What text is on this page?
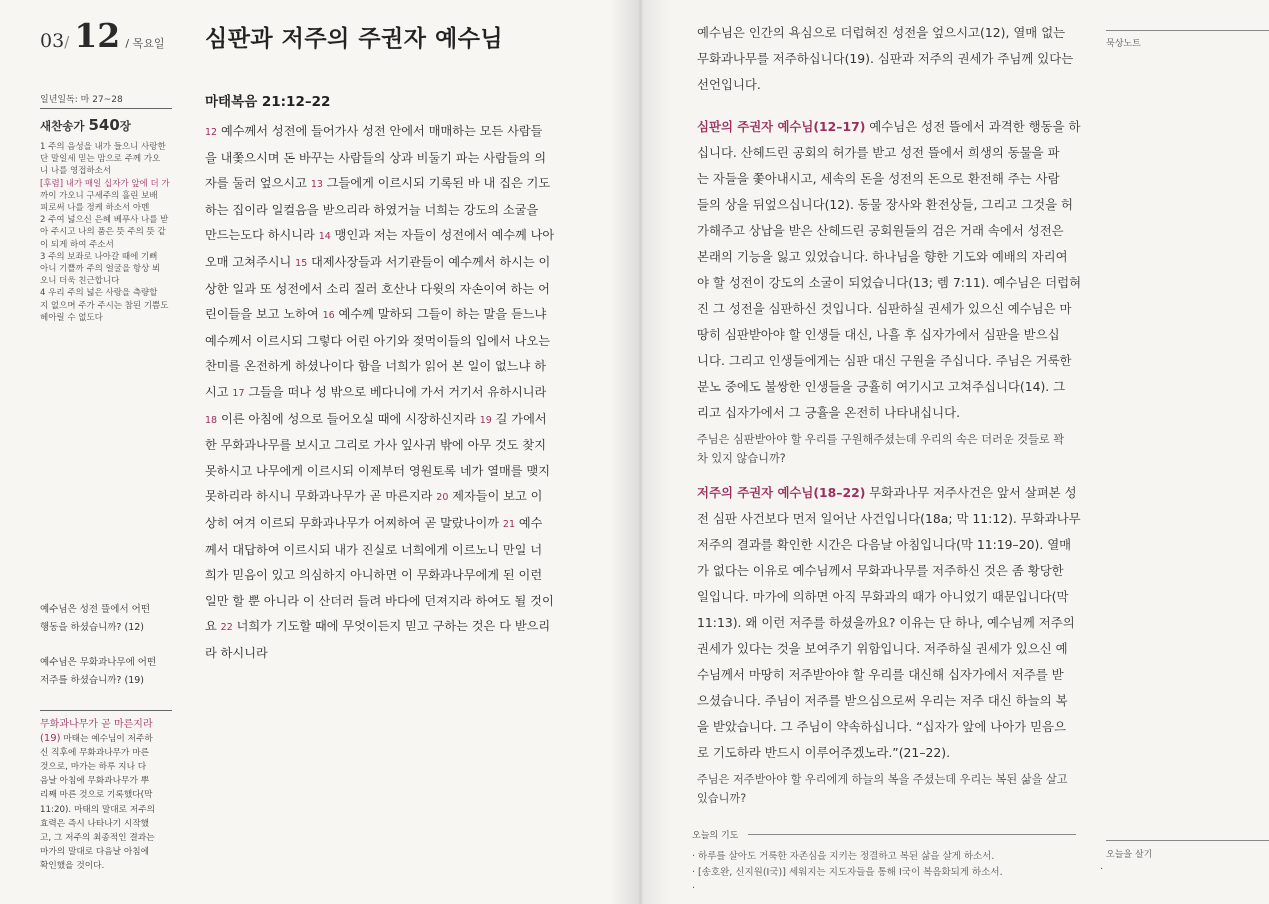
03/ 12 / 목요일 심판과 저주의 주권자 예수님
일년일독: 마 27~28
새찬송가 540장
1 주의 음성을 내가 들으니 사랑한
단 말일세 믿는 맘으로 주께 가오
니 나를 영접하소서
[후렴] 내가 매일 십자가 앞에 더 가
까이 가오니 구세주의 흘린 보배
피로써 나를 정케 하소서 아멘
2 주여 넓으신 은혜 베푸사 나를 받
아 주시고 나의 품은 뜻 주의 뜻 같
이 되게 하여 주소서
3 주의 보좌로 나아갈 때에 기뻐
아니 기쁠까 주의 얼굴을 항상 뵈
오니 더욱 친근합니다
4 우리 주의 넓은 사랑을 측량할
지 없으며 주가 주시는 참된 기쁨도
헤아릴 수 없도다
마태복음 21:12–22
12 예수께서 성전에 들어가사 성전 안에서 매매하는 모든 사람들
을 내쫓으시며 돈 바꾸는 사람들의 상과 비둘기 파는 사람들의 의
자를 둘러 엎으시고 13 그들에게 이르시되 기록된 바 내 집은 기도
하는 집이라 일컬음을 받으리라 하였거늘 너희는 강도의 소굴을
만드는도다 하시니라 14 맹인과 저는 자들이 성전에서 예수께 나아
오매 고쳐주시니 15 대제사장들과 서기관들이 예수께서 하시는 이
상한 일과 또 성전에서 소리 질러 호산나 다윗의 자손이여 하는 어
린이들을 보고 노하여 16 예수께 말하되 그들이 하는 말을 듣느냐
예수께서 이르시되 그렇다 어린 아기와 젖먹이들의 입에서 나오는
찬미를 온전하게 하셨나이다 함을 너희가 읽어 본 일이 없느냐 하
시고 17 그들을 떠나 성 밖으로 베다니에 가서 거기서 유하시니라
18 이른 아침에 성으로 들어오실 때에 시장하신지라 19 길 가에서
한 무화과나무를 보시고 그리로 가사 잎사귀 밖에 아무 것도 찾지
못하시고 나무에게 이르시되 이제부터 영원토록 네가 열매를 맺지
못하리라 하시니 무화과나무가 곧 마른지라 20 제자들이 보고 이
상히 여겨 이르되 무화과나무가 어찌하여 곧 말랐나이까 21 예수
께서 대답하여 이르시되 내가 진실로 너희에게 이르노니 만일 너
희가 믿음이 있고 의심하지 아니하면 이 무화과나무에게 된 이런
일만 할 뿐 아니라 이 산더러 들려 바다에 던져지라 하여도 될 것이
요 22 너희가 기도할 때에 무엇이든지 믿고 구하는 것은 다 받으리
라 하시니라
예수님은 성전 뜰에서 어떤
행동을 하셨습니까? (12)
예수님은 무화과나무에 어떤
저주를 하셨습니까? (19)
무화과나무가 곧 마른지라
(19) 마태는 예수님이 저주하
신 직후에 무화과나무가 마른
것으로, 마가는 하루 지나 다
음날 아침에 무화과나무가 뿌
리째 마른 것으로 기록했다(막
11:20). 마태의 말대로 저주의
효력은 즉시 나타나기 시작했
고, 그 저주의 최종적인 결과는
마가의 말대로 다음날 아침에
확인했을 것이다.
예수님은 인간의 욕심으로 더럽혀진 성전을 엎으시고(12), 열매 없는
무화과나무를 저주하십니다(19). 심판과 저주의 권세가 주님께 있다는
선언입니다.
심판의 주권자 예수님(12–17) 예수님은 성전 뜰에서 과격한 행동을 하
십니다. 산헤드린 공회의 허가를 받고 성전 뜰에서 희생의 동물을 파
는 자들을 쫓아내시고, 세속의 돈을 성전의 돈으로 환전해 주는 사람
들의 상을 뒤엎으십니다(12). 동물 장사와 환전상들, 그리고 그것을 허
가해주고 상납을 받은 산헤드린 공회원들의 검은 거래 속에서 성전은
본래의 기능을 잃고 있었습니다. 하나님을 향한 기도와 예배의 자리여
야 할 성전이 강도의 소굴이 되었습니다(13; 렘 7:11). 예수님은 더럽혀
진 그 성전을 심판하신 것입니다. 심판하실 권세가 있으신 예수님은 마
땅히 심판받아야 할 인생들 대신, 나흘 후 십자가에서 심판을 받으십
니다. 그리고 인생들에게는 심판 대신 구원을 주십니다. 주님은 거룩한
분노 중에도 불쌍한 인생들을 긍휼히 여기시고 고쳐주십니다(14). 그
리고 십자가에서 그 긍휼을 온전히 나타내십니다.
주님은 심판받아야 할 우리를 구원해주셨는데 우리의 속은 더러운 것들로 꽉
차 있지 않습니까?
저주의 주권자 예수님(18–22) 무화과나무 저주사건은 앞서 살펴본 성
전 심판 사건보다 먼저 일어난 사건입니다(18a; 막 11:12). 무화과나무
저주의 결과를 확인한 시간은 다음날 아침입니다(막 11:19–20). 열매
가 없다는 이유로 예수님께서 무화과나무를 저주하신 것은 좀 황당한
일입니다. 마가에 의하면 아직 무화과의 때가 아니었기 때문입니다(막
11:13). 왜 이런 저주를 하셨을까요? 이유는 단 하나, 예수님께 저주의
권세가 있다는 것을 보여주기 위함입니다. 저주하실 권세가 있으신 예
수님께서 마땅히 저주받아야 할 우리를 대신해 십자가에서 저주를 받
으셨습니다. 주님이 저주를 받으심으로써 우리는 저주 대신 하늘의 복
을 받았습니다. 그 주님이 약속하십니다. “십자가 앞에 나아가 믿음으
로 기도하라 반드시 이루어주겠노라.”(21–22).
주님은 저주받아야 할 우리에게 하늘의 복을 주셨는데 우리는 복된 삶을 살고
있습니까?
묵상노트
오늘을 살기
·
오늘의 기도
· 하루를 살아도 거룩한 자존심을 지키는 정결하고 복된 삶을 살게 하소서.
· [송호완, 신지원(I국)] 세워지는 지도자들을 통해 I국이 복음화되게 하소서.
·
